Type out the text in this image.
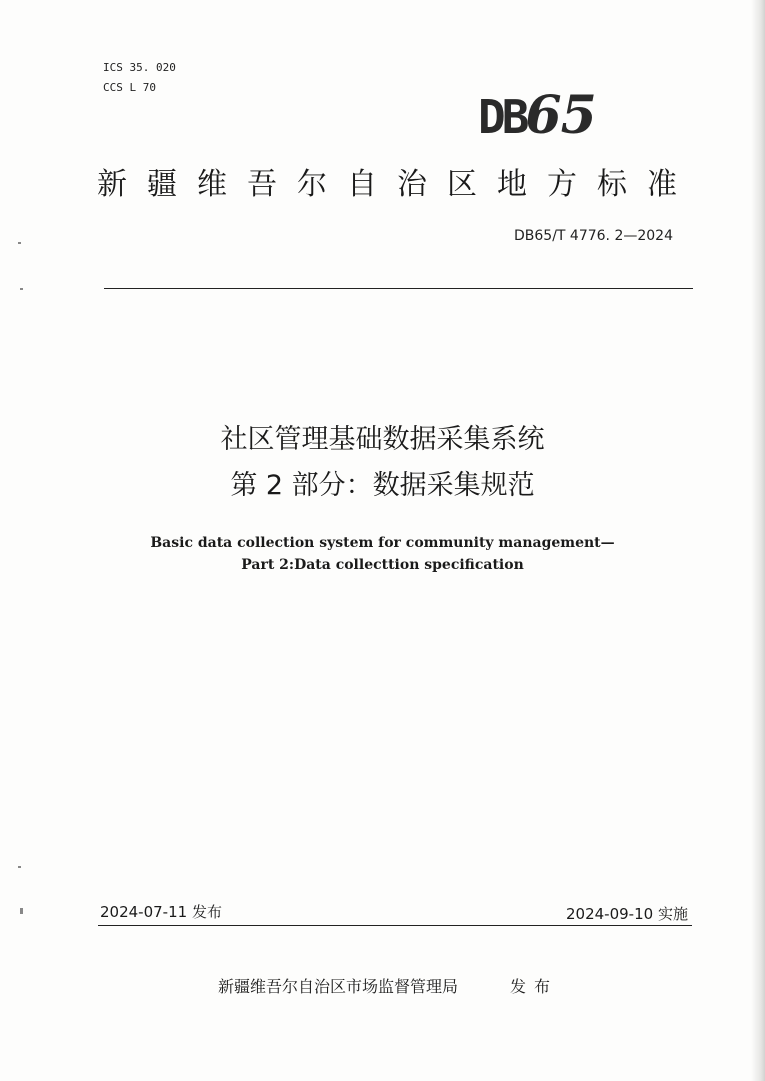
ICS 35. 020
CCS L 70
DB65
新疆维吾尔自治区地方标准
DB65/T 4776. 2—2024
社区管理基础数据采集系统
第 2 部分：数据采集规范
Basic data collection system for community management—
Part 2:Data collecttion specification
2024-07-11 发布	2024-09-10 实施
新疆维吾尔自治区市场监督管理局	发布
